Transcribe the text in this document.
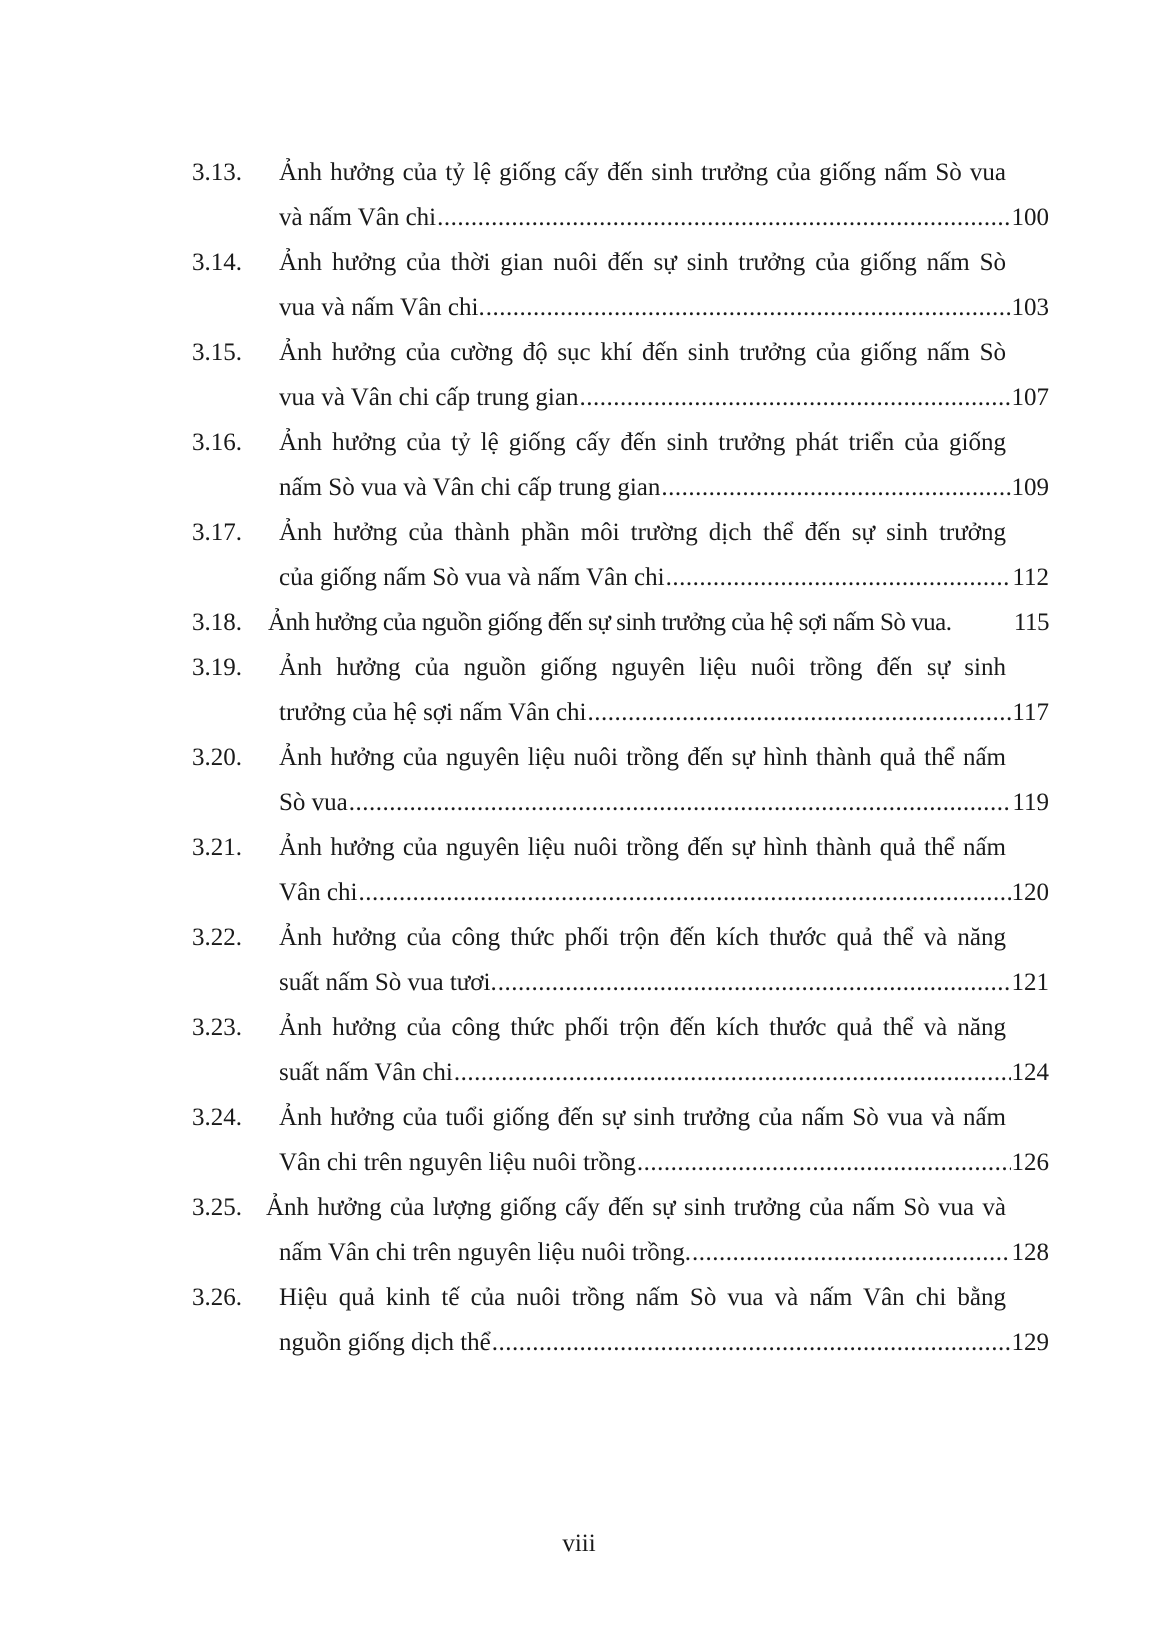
3.13.	Ảnh hưởng của tỷ lệ giống cấy đến sinh trưởng của giống nấm Sò vua
và nấm Vân chi .....	100
3.14.	Ảnh hưởng của thời gian nuôi đến sự sinh trưởng của giống nấm Sò
vua và nấm Vân chi. .....	103
3.15.	Ảnh hưởng của cường độ sục khí đến sinh trưởng của giống nấm Sò
vua và Vân chi cấp trung gian .....	107
3.16.	Ảnh hưởng của tỷ lệ giống cấy đến sinh trưởng phát triển của giống
nấm Sò vua và Vân chi cấp trung gian .....	109
3.17.	Ảnh hưởng của thành phần môi trường dịch thể đến sự sinh trưởng
của giống nấm Sò vua và nấm Vân chi .....	112
3.18.	Ảnh hưởng của nguồn giống đến sự sinh trưởng của hệ sợi nấm Sò vua. 115
3.19.	Ảnh hưởng của nguồn giống nguyên liệu nuôi trồng đến sự sinh
trưởng của hệ sợi nấm Vân chi .....	117
3.20.	Ảnh hưởng của nguyên liệu nuôi trồng đến sự hình thành quả thể nấm
Sò vua .....	119
3.21.	Ảnh hưởng của nguyên liệu nuôi trồng đến sự hình thành quả thể nấm
Vân chi .....	120
3.22.	Ảnh hưởng của công thức phối trộn đến kích thước quả thể và năng
suất nấm Sò vua tươi. .....	121
3.23.	Ảnh hưởng của công thức phối trộn đến kích thước quả thể và năng
suất nấm Vân chi .....	124
3.24.	Ảnh hưởng của tuổi giống đến sự sinh trưởng của nấm Sò vua và nấm
Vân chi trên nguyên liệu nuôi trồng .....	126
3.25. Ảnh hưởng của lượng giống cấy đến sự sinh trưởng của nấm Sò vua và
nấm Vân chi trên nguyên liệu nuôi trồng. .....	128
3.26.	Hiệu quả kinh tế của nuôi trồng nấm Sò vua và nấm Vân chi bằng
nguồn giống dịch thể .....	129
viii
